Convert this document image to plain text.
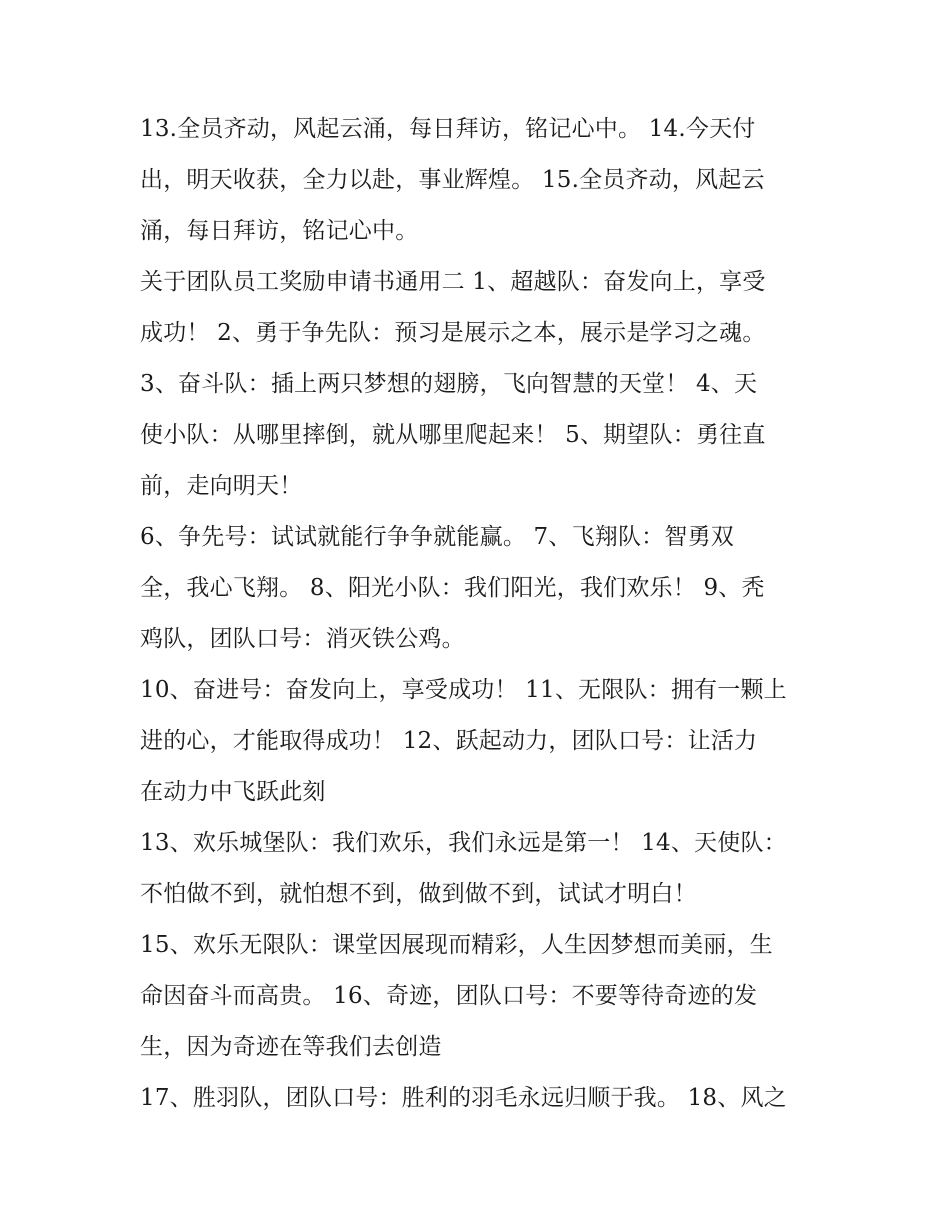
13.全员齐动，风起云涌，每日拜访，铭记心中。 14.今天付
出，明天收获，全力以赴，事业辉煌。 15.全员齐动，风起云
涌，每日拜访，铭记心中。
关于团队员工奖励申请书通用二 1、超越队：奋发向上，享受
成功！ 2、勇于争先队：预习是展示之本，展示是学习之魂。
3、奋斗队：插上两只梦想的翅膀，飞向智慧的天堂！ 4、天
使小队：从哪里摔倒，就从哪里爬起来！ 5、期望队：勇往直
前，走向明天！
6、争先号：试试就能行争争就能赢。 7、飞翔队：智勇双
全，我心飞翔。 8、阳光小队：我们阳光，我们欢乐！ 9、秃
鸡队，团队口号：消灭铁公鸡。
10、奋进号：奋发向上，享受成功！ 11、无限队：拥有一颗上
进的心，才能取得成功！ 12、跃起动力，团队口号：让活力
在动力中飞跃此刻
13、欢乐城堡队：我们欢乐，我们永远是第一！ 14、天使队：
不怕做不到，就怕想不到，做到做不到，试试才明白！
15、欢乐无限队：课堂因展现而精彩，人生因梦想而美丽，生
命因奋斗而高贵。 16、奇迹，团队口号：不要等待奇迹的发
生，因为奇迹在等我们去创造
17、胜羽队，团队口号：胜利的羽毛永远归顺于我。 18、风之
